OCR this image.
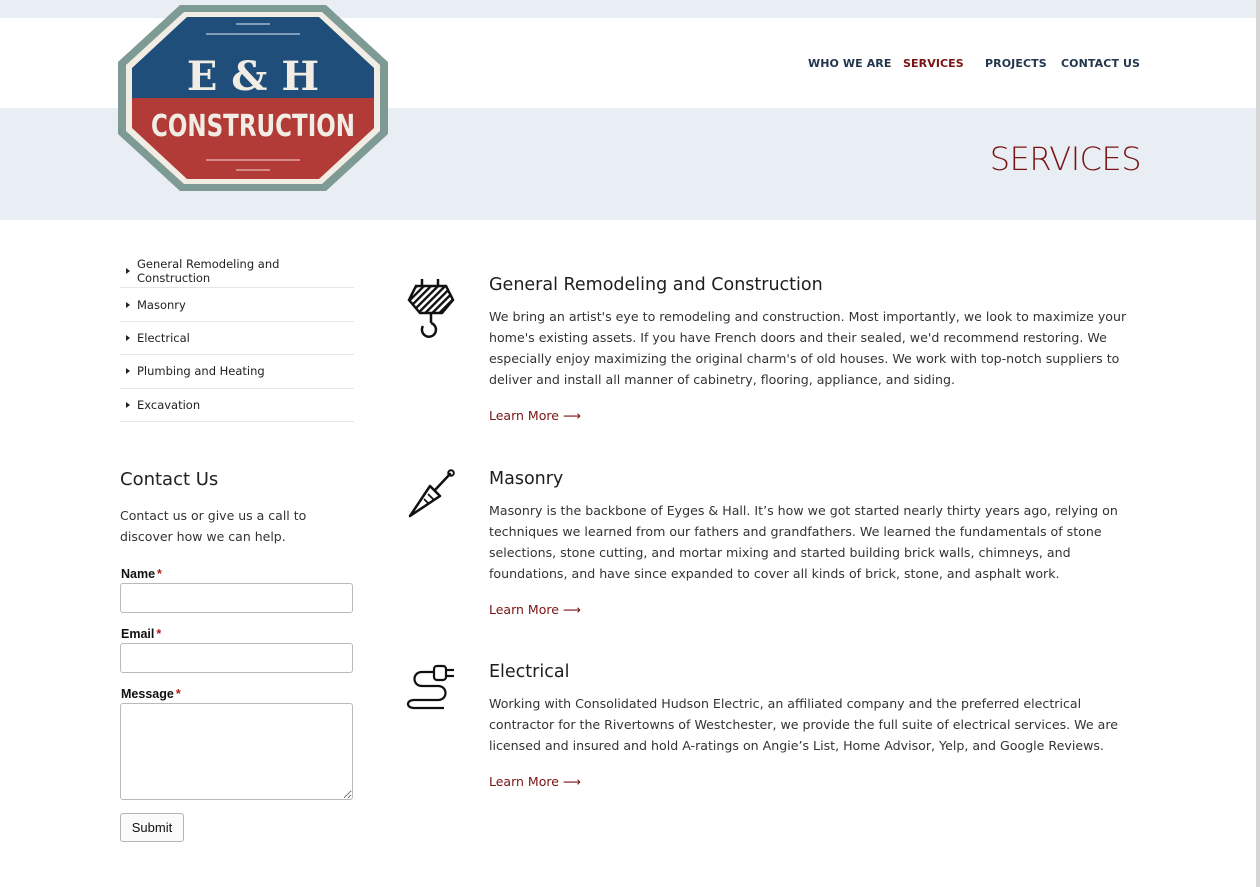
E & H
CONSTRUCTION
WHO WE ARE SERVICES PROJECTS CONTACT US
SERVICES
General Remodeling and Construction
Masonry
Electrical
Plumbing and Heating
Excavation
Contact Us

Contact us or give us a call to discover how we can help.

Name *
Email *
Message *
Submit
General Remodeling and Construction

We bring an artist's eye to remodeling and construction. Most importantly, we look to maximize your home's existing assets. If you have French doors and their sealed, we'd recommend restoring. We especially enjoy maximizing the original charm's of old houses. We work with top-notch suppliers to deliver and install all manner of cabinetry, flooring, appliance, and siding.

Learn More ⟶
Masonry

Masonry is the backbone of Eyges & Hall. It’s how we got started nearly thirty years ago, relying on techniques we learned from our fathers and grandfathers. We learned the fundamentals of stone selections, stone cutting, and mortar mixing and started building brick walls, chimneys, and foundations, and have since expanded to cover all kinds of brick, stone, and asphalt work.

Learn More ⟶
Electrical

Working with Consolidated Hudson Electric, an affiliated company and the preferred electrical contractor for the Rivertowns of Westchester, we provide the full suite of electrical services. We are licensed and insured and hold A-ratings on Angie’s List, Home Advisor, Yelp, and Google Reviews.

Learn More ⟶
